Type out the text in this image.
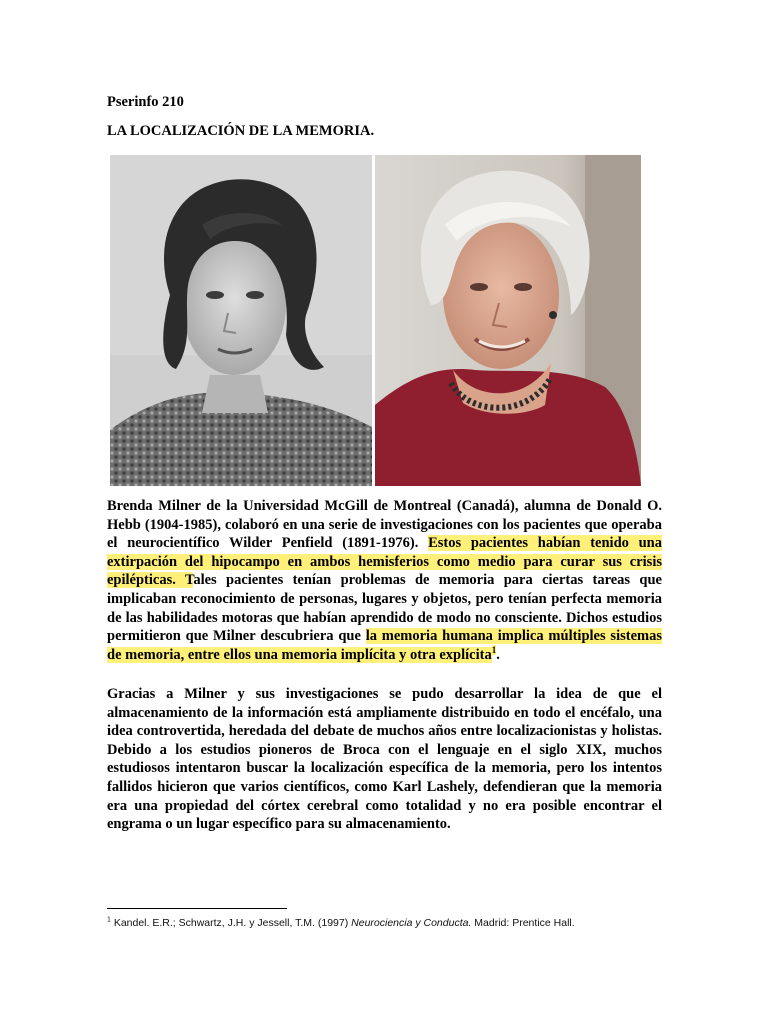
Pserinfo 210
LA LOCALIZACIÓN DE LA MEMORIA.

Brenda Milner de la Universidad McGill de Montreal (Canadá), alumna de Donald O. Hebb (1904-1985), colaboró en una serie de investigaciones con los pacientes que operaba el neurocientífico Wilder Penfield (1891-1976). Estos pacientes habían tenido una extirpación del hipocampo en ambos hemisferios como medio para curar sus crisis epilépticas. Tales pacientes tenían problemas de memoria para ciertas tareas que implicaban reconocimiento de personas, lugares y objetos, pero tenían perfecta memoria de las habilidades motoras que habían aprendido de modo no consciente. Dichos estudios permitieron que Milner descubriera que la memoria humana implica múltiples sistemas de memoria, entre ellos una memoria implícita y otra explícita$^1$.

Gracias a Milner y sus investigaciones se pudo desarrollar la idea de que el almacenamiento de la información está ampliamente distribuido en todo el encéfalo, una idea controvertida, heredada del debate de muchos años entre localizacionistas y holistas. Debido a los estudios pioneros de Broca con el lenguaje en el siglo XIX, muchos estudiosos intentaron buscar la localización específica de la memoria, pero los intentos fallidos hicieron que varios científicos, como Karl Lashely, defendieran que la memoria era una propiedad del córtex cerebral como totalidad y no era posible encontrar el engrama o un lugar específico para su almacenamiento.

$^1$ Kandel. E.R.; Schwartz, J.H. y Jessell, T.M. (1997) Neurociencia y Conducta. Madrid: Prentice Hall.
